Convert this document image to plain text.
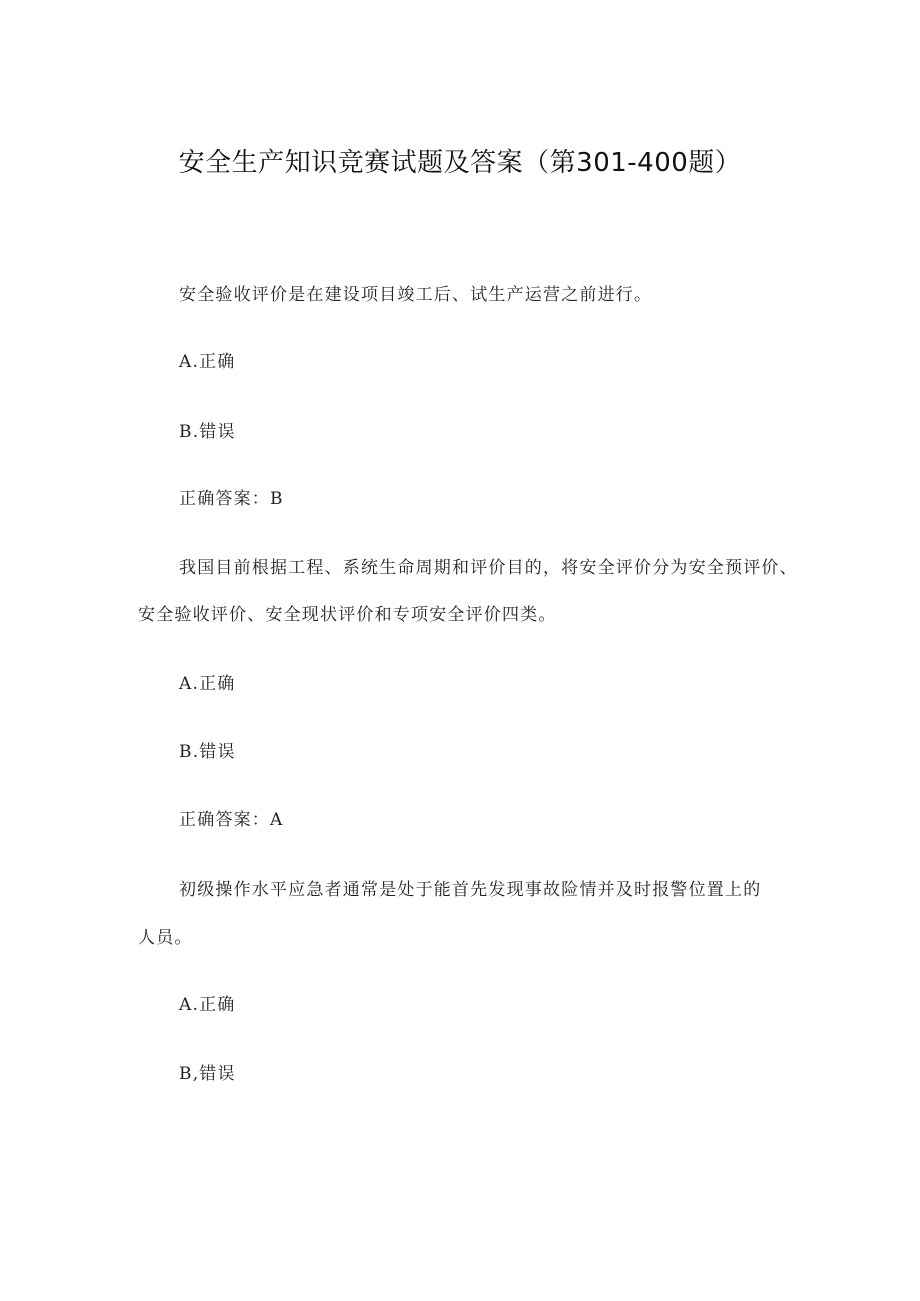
安全生产知识竞赛试题及答案（第301-400题）
安全验收评价是在建设项目竣工后、试生产运营之前进行。
A.正确
B.错误
正确答案：B
我国目前根据工程、系统生命周期和评价目的，将安全评价分为安全预评价、
安全验收评价、安全现状评价和专项安全评价四类。
A.正确
B.错误
正确答案：A
初级操作水平应急者通常是处于能首先发现事故险情并及时报警位置上的
人员。
A.正确
B,错误
